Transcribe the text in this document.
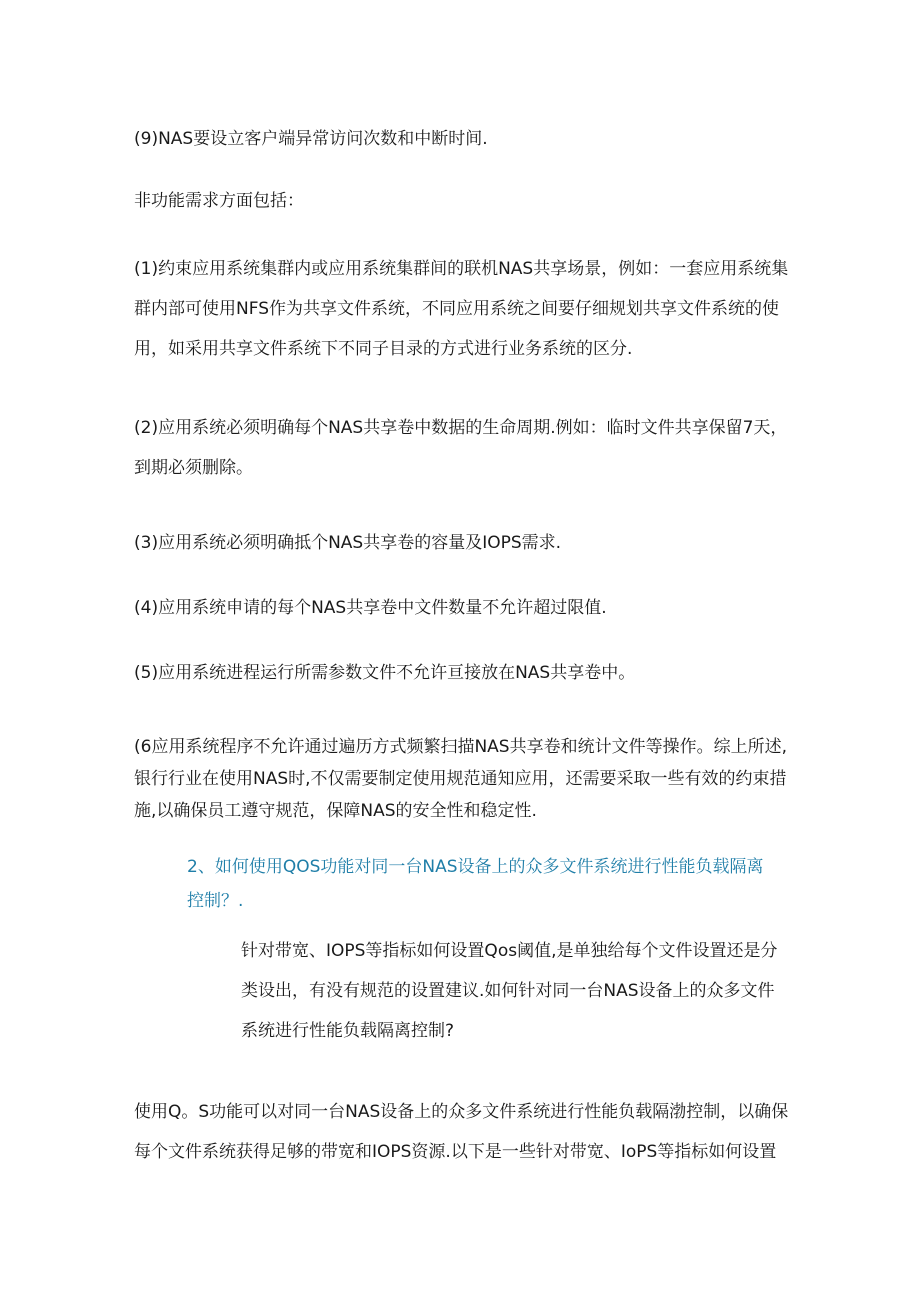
(9)NAS要设立客户端异常访问次数和中断时间.

非功能需求方面包括：

(1)约束应用系统集群内或应用系统集群间的联机NAS共享场景，例如：一套应用系统集
群内部可使用NFS作为共享文件系统，不同应用系统之间要仔细规划共享文件系统的使
用，如采用共享文件系统下不同子目录的方式进行业务系统的区分.

(2)应用系统必须明确每个NAS共享卷中数据的生命周期.例如：临时文件共享保留7天，
到期必须删除。

(3)应用系统必须明确抵个NAS共享卷的容量及IOPS需求.

(4)应用系统申请的每个NAS共享卷中文件数量不允许超过限值.

(5)应用系统进程运行所需参数文件不允许亘接放在NAS共享卷中。

(6应用系统程序不允许通过遍历方式频繁扫描NAS共享卷和统计文件等操作。综上所述,
银行行业在使用NAS时,不仅需要制定使用规范通知应用，还需要采取一些有效的约束措
施,以确保员工遵守规范，保障NAS的安全性和稳定性.

2、如何使用QOS功能对同一台NAS设备上的众多文件系统进行性能负载隔离
控制？.

针对带宽、IOPS等指标如何设置Qos阈值,是单独给每个文件设置还是分
类设出，有没有规范的设置建议.如何针对同一台NAS设备上的众多文件
系统进行性能负载隔离控制?

使用Q。S功能可以对同一台NAS设备上的众多文件系统进行性能负载隔渤控制，以确保
每个文件系统获得足够的带宽和IOPS资源.以下是一些针对带宽、IoPS等指标如何设置
